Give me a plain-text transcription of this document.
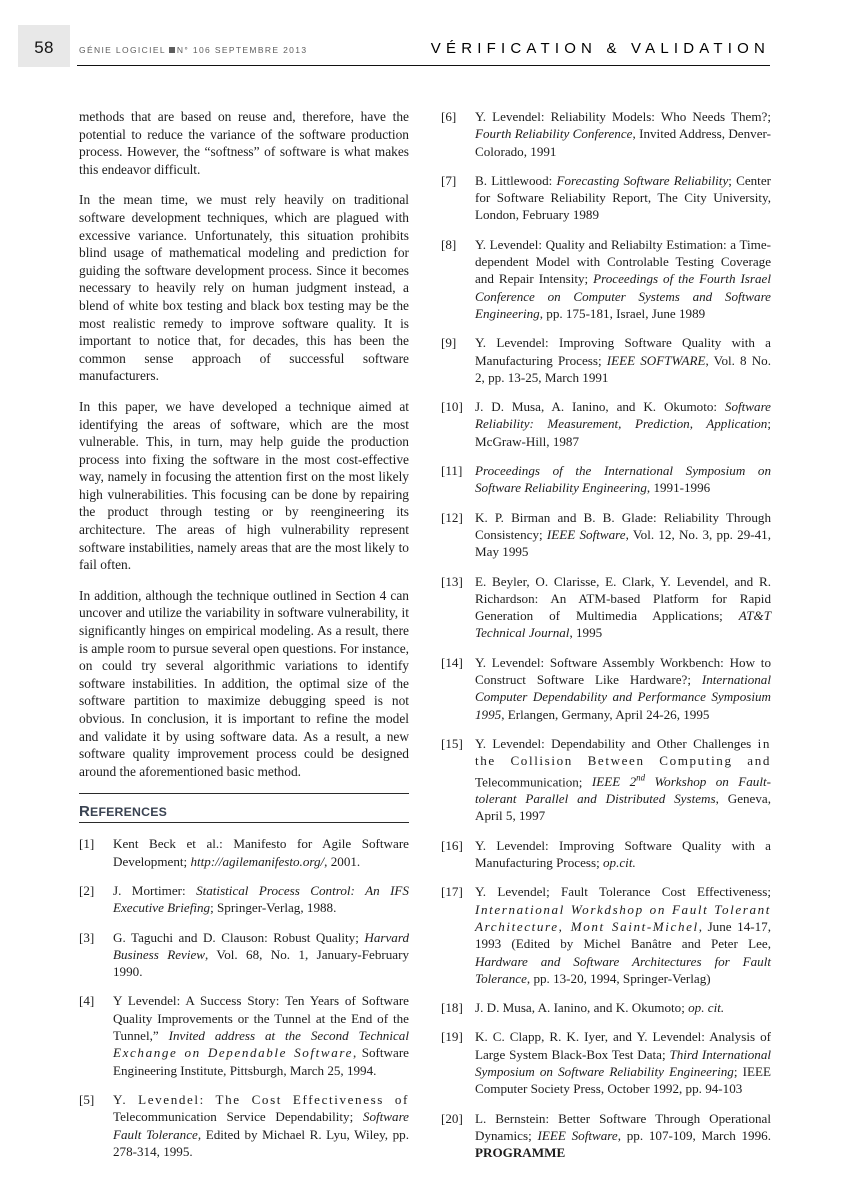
58	GÉNIE LOGICIEL N° 106 SEPTEMBRE 2013	VÉRIFICATION & VALIDATION

methods that are based on reuse and, therefore, have the potential to reduce the variance of the software production process. However, the “softness” of software is what makes this endeavor difficult.

In the mean time, we must rely heavily on traditional software development techniques, which are plagued with excessive variance. Unfortunately, this situation prohibits blind usage of mathematical modeling and prediction for guiding the software development process. Since it becomes necessary to heavily rely on human judgment instead, a blend of white box testing and black box testing may be the most realistic remedy to improve software quality. It is important to notice that, for decades, this has been the common sense approach of successful software manufacturers.

In this paper, we have developed a technique aimed at identifying the areas of software, which are the most vulnerable. This, in turn, may help guide the production process into fixing the software in the most cost-effective way, namely in focusing the attention first on the most likely high vulnerabilities. This focusing can be done by repairing the product through testing or by reengineering its architecture. The areas of high vulnerability represent software instabilities, namely areas that are the most likely to fail often.

In addition, although the technique outlined in Section 4 can uncover and utilize the variability in software vulnerability, it significantly hinges on empirical modeling. As a result, there is ample room to pursue several open questions. For instance, on could try several algorithmic variations to identify software instabilities. In addition, the optimal size of the software partition to maximize debugging speed is not obvious. In conclusion, it is important to refine the model and validate it by using software data. As a result, a new software quality improvement process could be designed around the aforementioned basic method.

REFERENCES
[1]	Kent Beck et al.: Manifesto for Agile Software Development; http://agilemanifesto.org/, 2001.
[2]	J. Mortimer: Statistical Process Control: An IFS Executive Briefing; Springer-Verlag, 1988.
[3]	G. Taguchi and D. Clauson: Robust Quality; Harvard Business Review, Vol. 68, No. 1, January-February 1990.
[4]	Y Levendel: A Success Story: Ten Years of Software Quality Improvements or the Tunnel at the End of the Tunnel,” Invited address at the Second Technical Exchange on Dependable Software, Software Engineering Institute, Pittsburgh, March 25, 1994.
[5]	Y. Levendel: The Cost Effectiveness of Telecommunication Service Dependability; Software Fault Tolerance, Edited by Michael R. Lyu, Wiley, pp. 278-314, 1995.
[6]	Y. Levendel: Reliability Models: Who Needs Them?; Fourth Reliability Conference, Invited Address, Denver-Colorado, 1991
[7]	B. Littlewood: Forecasting Software Reliability; Center for Software Reliability Report, The City University, London, February 1989
[8]	Y. Levendel: Quality and Reliabilty Estimation: a Time-dependent Model with Controlable Testing Coverage and Repair Intensity; Proceedings of the Fourth Israel Conference on Computer Systems and Software Engineering, pp. 175-181, Israel, June 1989
[9]	Y. Levendel: Improving Software Quality with a Manufacturing Process; IEEE SOFTWARE, Vol. 8 No. 2, pp. 13-25, March 1991
[10] J. D. Musa, A. Ianino, and K. Okumoto: Software Reliability: Measurement, Prediction, Application; McGraw-Hill, 1987
[11] Proceedings of the International Symposium on Software Reliability Engineering, 1991-1996
[12] K. P. Birman and B. B. Glade: Reliability Through Consistency; IEEE Software, Vol. 12, No. 3, pp. 29-41, May 1995
[13] E. Beyler, O. Clarisse, E. Clark, Y. Levendel, and R. Richardson: An ATM-based Platform for Rapid Generation of Multimedia Applications; AT&T Technical Journal, 1995
[14] Y. Levendel: Software Assembly Workbench: How to Construct Software Like Hardware?; International Computer Dependability and Performance Symposium 1995, Erlangen, Germany, April 24-26, 1995
[15] Y. Levendel: Dependability and Other Challenges in the Collision Between Computing and Telecommunication; IEEE 2nd Workshop on Fault-tolerant Parallel and Distributed Systems, Geneva, April 5, 1997
[16] Y. Levendel: Improving Software Quality with a Manufacturing Process; op.cit.
[17] Y. Levendel; Fault Tolerance Cost Effectiveness; International Workdshop on Fault Tolerant Architecture, Mont Saint-Michel, June 14-17, 1993 (Edited by Michel Banâtre and Peter Lee, Hardware and Software Architectures for Fault Tolerance, pp. 13-20, 1994, Springer-Verlag)
[18] J. D. Musa, A. Ianino, and K. Okumoto; op. cit.
[19] K. C. Clapp, R. K. Iyer, and Y. Levendel: Analysis of Large System Black-Box Test Data; Third International Symposium on Software Reliability Engineering; IEEE Computer Society Press, October 1992, pp. 94-103
[20] L. Bernstein: Better Software Through Operational Dynamics; IEEE Software, pp. 107-109, March 1996. PROGRAMME
